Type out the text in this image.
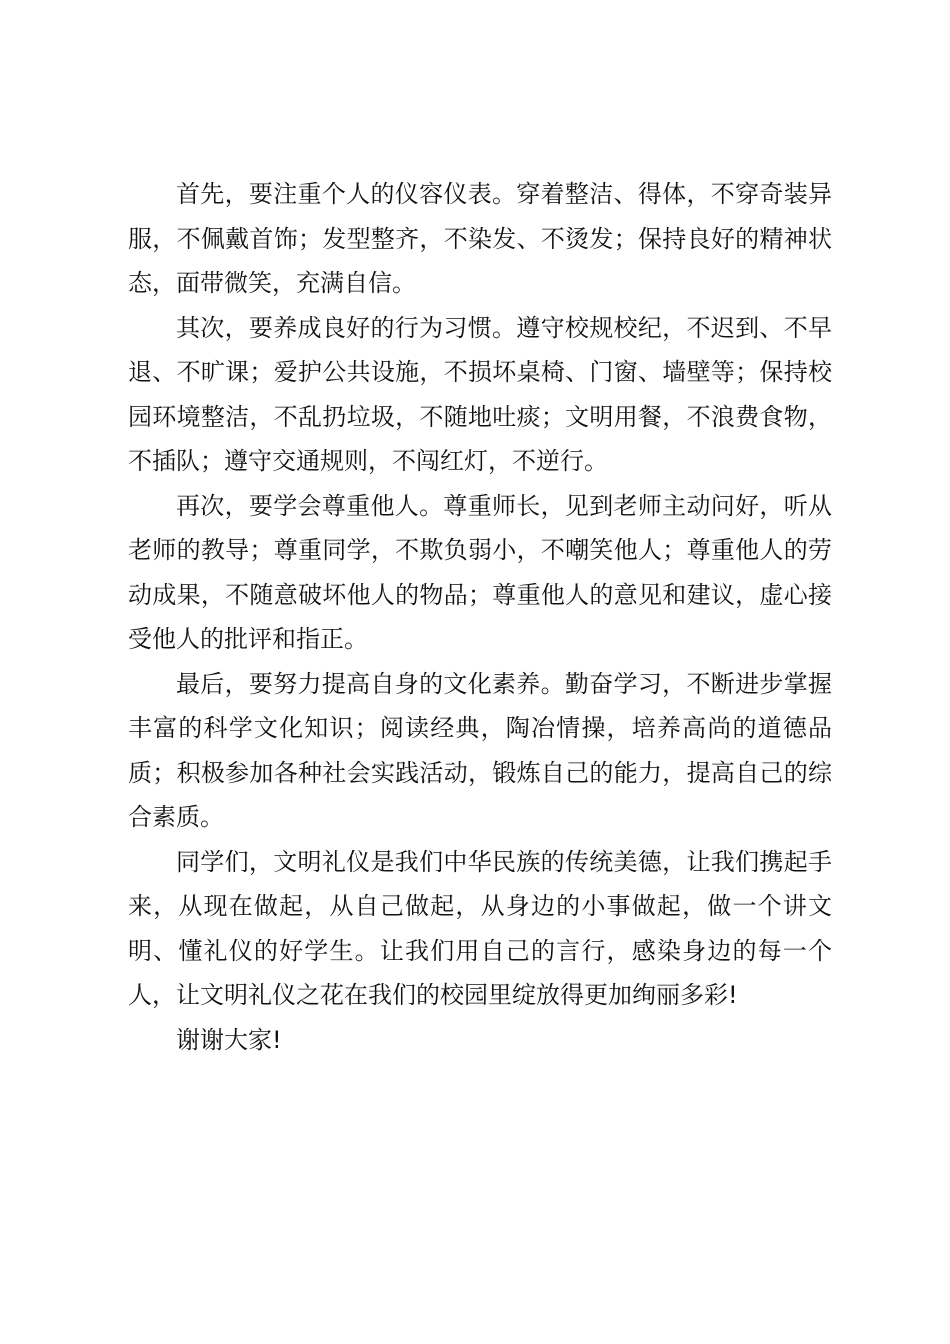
首先，要注重个人的仪容仪表。穿着整洁、得体，不穿奇装异服，不佩戴首饰；发型整齐，不染发、不烫发；保持良好的精神状态，面带微笑，充满自信。

其次，要养成良好的行为习惯。遵守校规校纪，不迟到、不早退、不旷课；爱护公共设施，不损坏桌椅、门窗、墙壁等；保持校园环境整洁，不乱扔垃圾，不随地吐痰；文明用餐，不浪费食物，不插队；遵守交通规则，不闯红灯，不逆行。

再次，要学会尊重他人。尊重师长，见到老师主动问好，听从老师的教导；尊重同学，不欺负弱小，不嘲笑他人；尊重他人的劳动成果，不随意破坏他人的物品；尊重他人的意见和建议，虚心接受他人的批评和指正。

最后，要努力提高自身的文化素养。勤奋学习，不断进步掌握丰富的科学文化知识；阅读经典，陶冶情操，培养高尚的道德品质；积极参加各种社会实践活动，锻炼自己的能力，提高自己的综合素质。

同学们，文明礼仪是我们中华民族的传统美德，让我们携起手来，从现在做起，从自己做起，从身边的小事做起，做一个讲文明、懂礼仪的好学生。让我们用自己的言行，感染身边的每一个人，让文明礼仪之花在我们的校园里绽放得更加绚丽多彩!

谢谢大家!
